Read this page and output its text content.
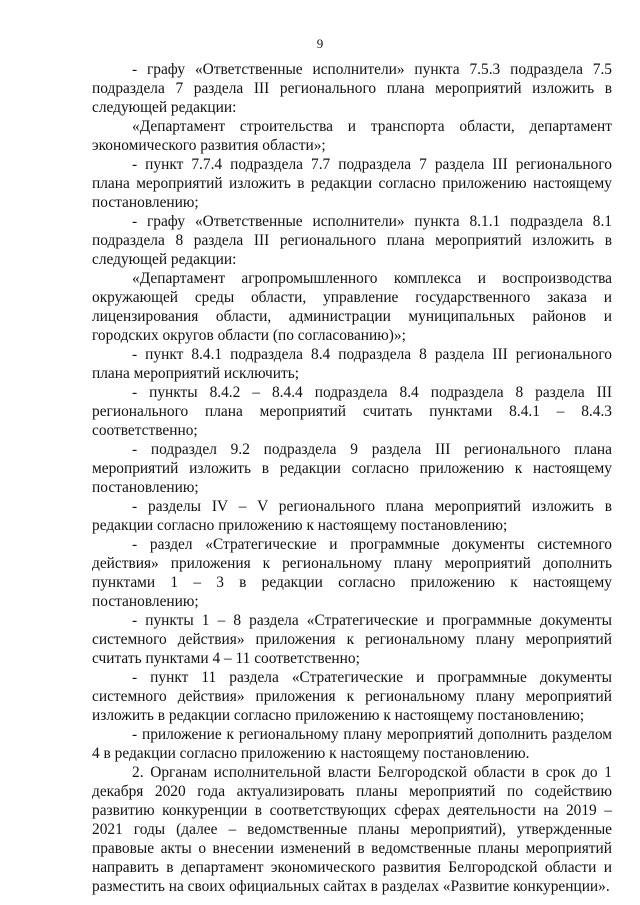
9

- графу «Ответственные исполнители» пункта 7.5.3 подраздела 7.5 подраздела 7 раздела III регионального плана мероприятий изложить в следующей редакции:

«Департамент строительства и транспорта области, департамент экономического развития области»;

- пункт 7.7.4 подраздела 7.7 подраздела 7 раздела III регионального плана мероприятий изложить в редакции согласно приложению настоящему постановлению;

- графу «Ответственные исполнители» пункта 8.1.1 подраздела 8.1 подраздела 8 раздела III регионального плана мероприятий изложить в следующей редакции:

«Департамент агропромышленного комплекса и воспроизводства окружающей среды области, управление государственного заказа и лицензирования области, администрации муниципальных районов и городских округов области (по согласованию)»;

- пункт 8.4.1 подраздела 8.4 подраздела 8 раздела III регионального плана мероприятий исключить;

- пункты 8.4.2 – 8.4.4 подраздела 8.4 подраздела 8 раздела III регионального плана мероприятий считать пунктами 8.4.1 – 8.4.3 соответственно;

- подраздел 9.2 подраздела 9 раздела III регионального плана мероприятий изложить в редакции согласно приложению к настоящему постановлению;

- разделы IV – V регионального плана мероприятий изложить в редакции согласно приложению к настоящему постановлению;

- раздел «Стратегические и программные документы системного действия» приложения к региональному плану мероприятий дополнить пунктами 1 – 3 в редакции согласно приложению к настоящему постановлению;

- пункты 1 – 8 раздела «Стратегические и программные документы системного действия» приложения к региональному плану мероприятий считать пунктами 4 – 11 соответственно;

- пункт 11 раздела «Стратегические и программные документы системного действия» приложения к региональному плану мероприятий изложить в редакции согласно приложению к настоящему постановлению;

- приложение к региональному плану мероприятий дополнить разделом 4 в редакции согласно приложению к настоящему постановлению.

2. Органам исполнительной власти Белгородской области в срок до 1 декабря 2020 года актуализировать планы мероприятий по содействию развитию конкуренции в соответствующих сферах деятельности на 2019 – 2021 годы (далее – ведомственные планы мероприятий), утвержденные правовые акты о внесении изменений в ведомственные планы мероприятий направить в департамент экономического развития Белгородской области и разместить на своих официальных сайтах в разделах «Развитие конкуренции».
